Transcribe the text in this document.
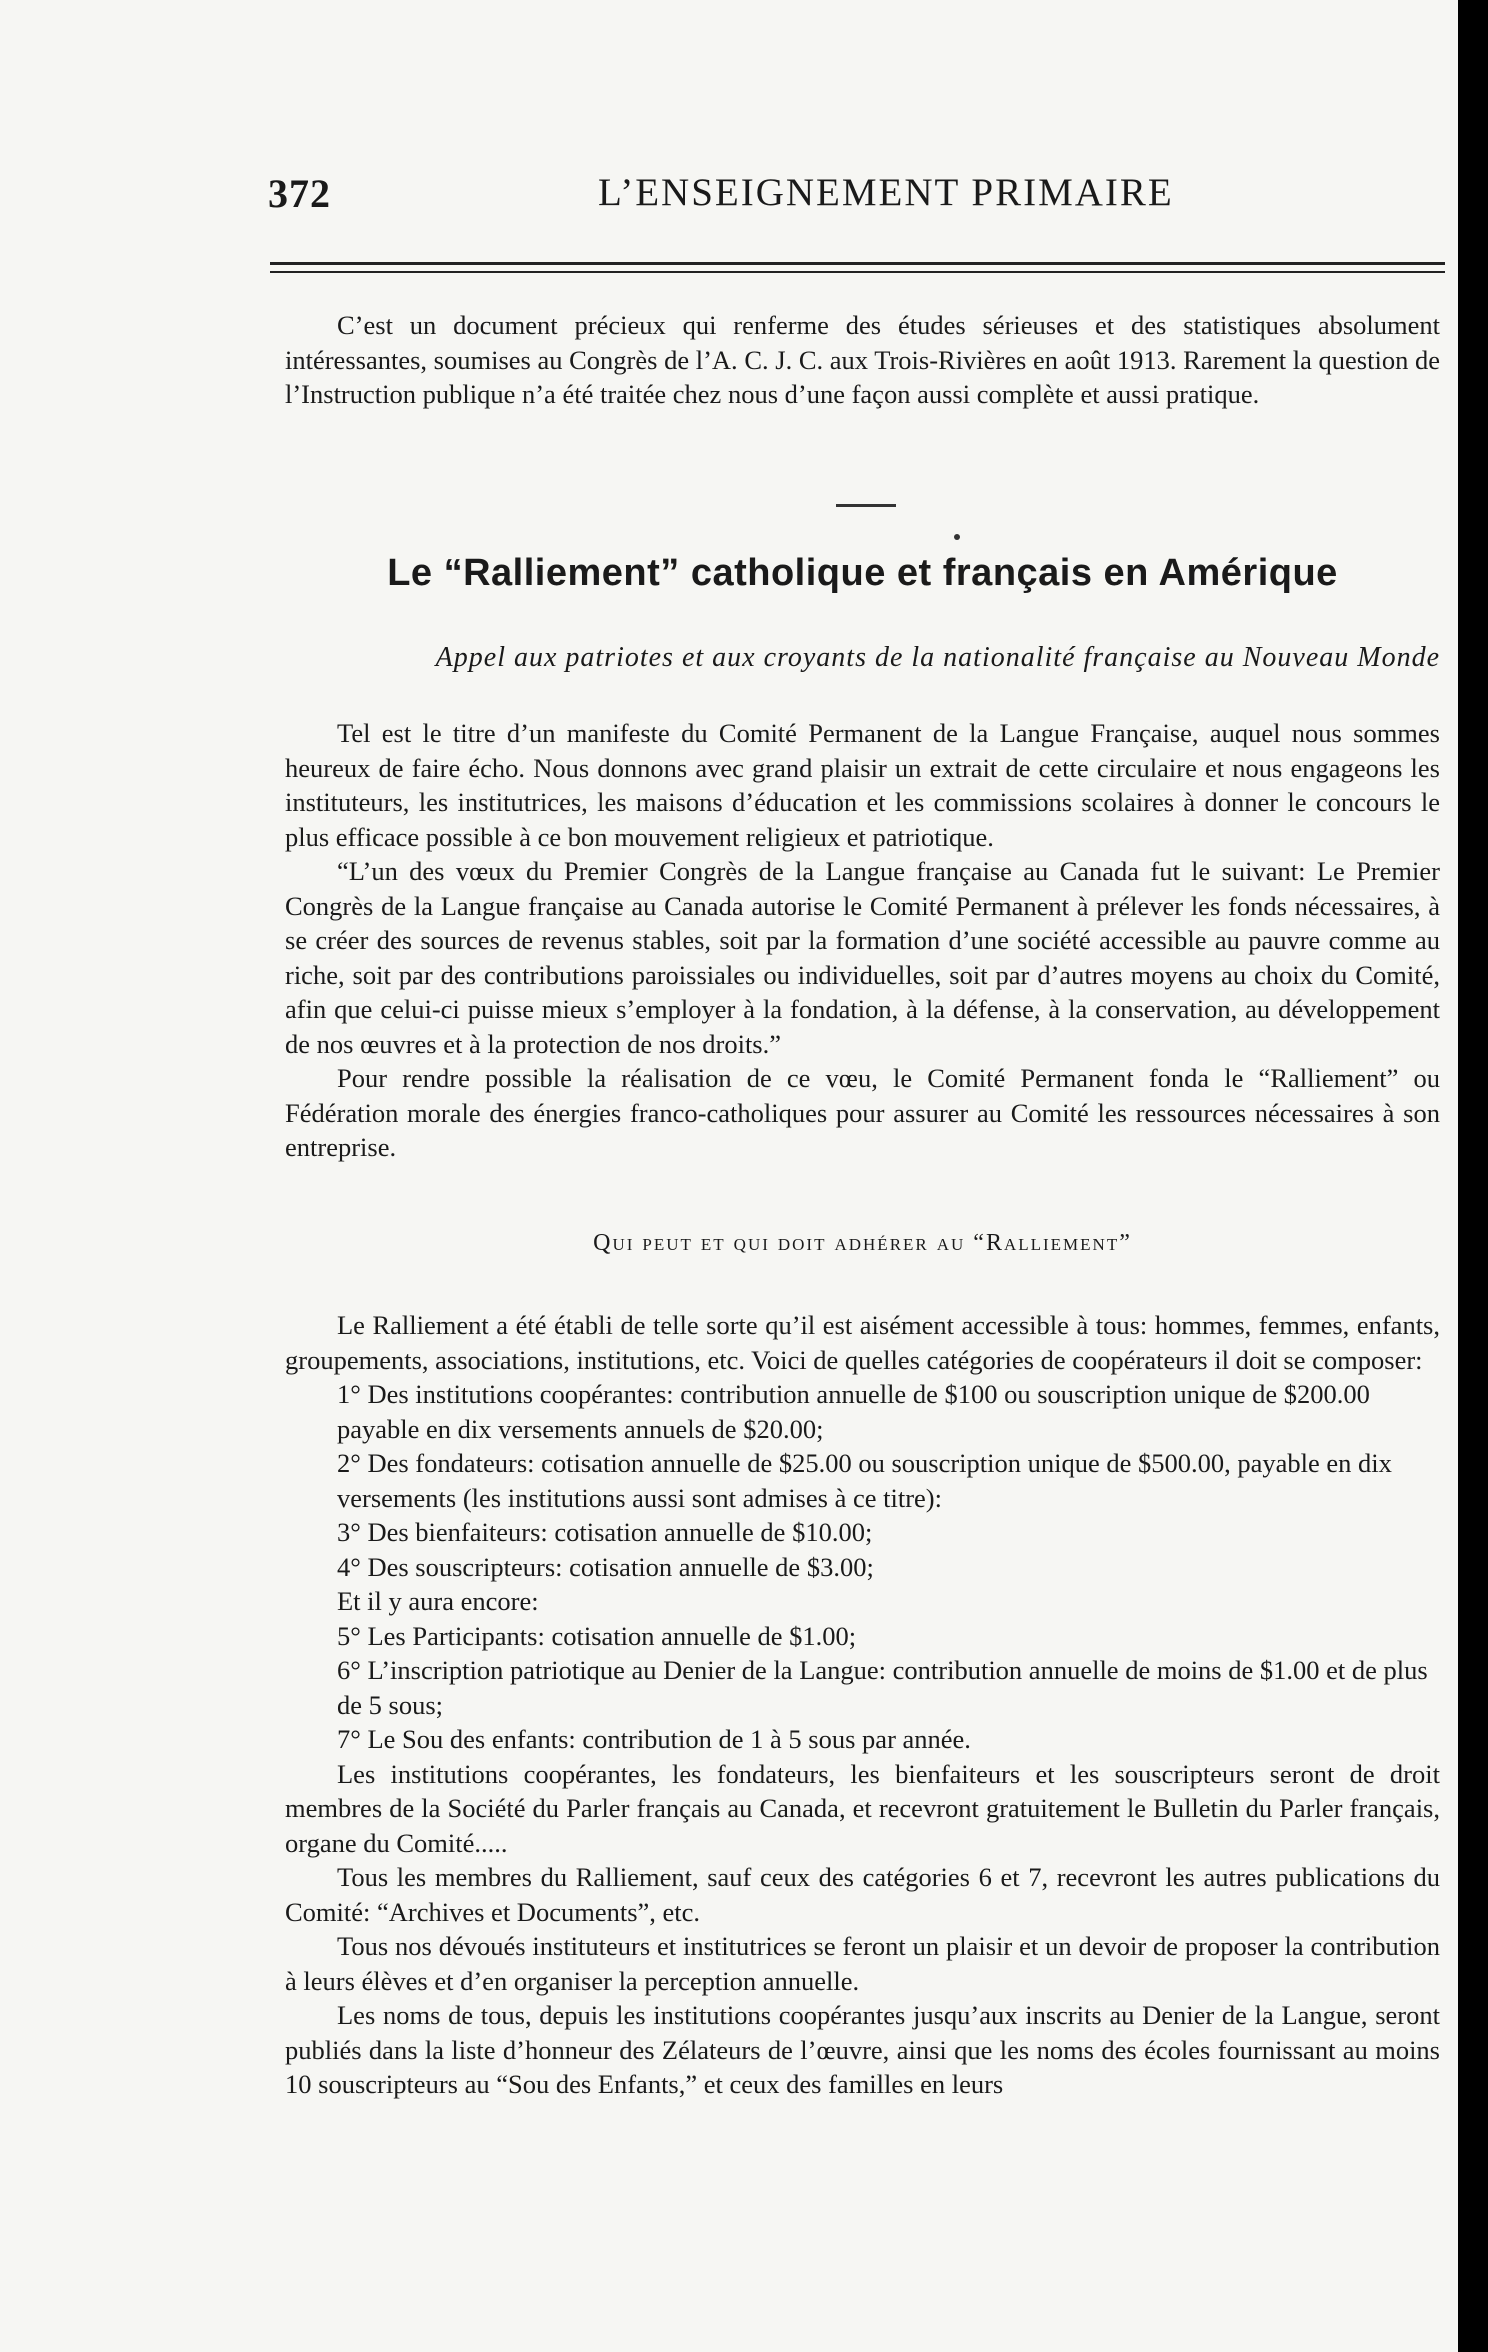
372	L’ENSEIGNEMENT PRIMAIRE

C’est un document précieux qui renferme des études sérieuses et des statistiques absolument intéressantes, soumises au Congrès de l’A. C. J. C. aux Trois-Rivières en août 1913. Rarement la question de l’Instruction publique n’a été traitée chez nous d’une façon aussi complète et aussi pratique.

Le “Ralliement” catholique et français en Amérique
Appel aux patriotes et aux croyants de la nationalité française au Nouveau Monde

Tel est le titre d’un manifeste du Comité Permanent de la Langue Française, auquel nous sommes heureux de faire écho. Nous donnons avec grand plaisir un extrait de cette circulaire et nous engageons les instituteurs, les institutrices, les maisons d’éducation et les commissions scolaires à donner le concours le plus efficace possible à ce bon mouvement religieux et patriotique.

“L’un des vœux du Premier Congrès de la Langue française au Canada fut le suivant: Le Premier Congrès de la Langue française au Canada autorise le Comité Permanent à prélever les fonds nécessaires, à se créer des sources de revenus stables, soit par la formation d’une société accessible au pauvre comme au riche, soit par des contributions paroissiales ou individuelles, soit par d’autres moyens au choix du Comité, afin que celui-ci puisse mieux s’employer à la fondation, à la défense, à la conservation, au développement de nos œuvres et à la protection de nos droits.”

Pour rendre possible la réalisation de ce vœu, le Comité Permanent fonda le “Ralliement” ou Fédération morale des énergies franco-catholiques pour assurer au Comité les ressources nécessaires à son entreprise.

Qui peut et qui doit adhérer au “Ralliement”

Le Ralliement a été établi de telle sorte qu’il est aisément accessible à tous: hommes, femmes, enfants, groupements, associations, institutions, etc. Voici de quelles catégories de coopérateurs il doit se composer:

1° Des institutions coopérantes: contribution annuelle de $100 ou souscription unique de $200.00 payable en dix versements annuels de $20.00;

2° Des fondateurs: cotisation annuelle de $25.00 ou souscription unique de $500.00, payable en dix versements (les institutions aussi sont admises à ce titre):

3° Des bienfaiteurs: cotisation annuelle de $10.00;

4° Des souscripteurs: cotisation annuelle de $3.00;

Et il y aura encore:

5° Les Participants: cotisation annuelle de $1.00;

6° L’inscription patriotique au Denier de la Langue: contribution annuelle de moins de $1.00 et de plus de 5 sous;

7° Le Sou des enfants: contribution de 1 à 5 sous par année.

Les institutions coopérantes, les fondateurs, les bienfaiteurs et les souscripteurs seront de droit membres de la Société du Parler français au Canada, et recevront gratuitement le Bulletin du Parler français, organe du Comité.....

Tous les membres du Ralliement, sauf ceux des catégories 6 et 7, recevront les autres publications du Comité: “Archives et Documents”, etc.

Tous nos dévoués instituteurs et institutrices se feront un plaisir et un devoir de proposer la contribution à leurs élèves et d’en organiser la perception annuelle.

Les noms de tous, depuis les institutions coopérantes jusqu’aux inscrits au Denier de la Langue, seront publiés dans la liste d’honneur des Zélateurs de l’œuvre, ainsi que les noms des écoles fournissant au moins 10 souscripteurs au “Sou des Enfants,” et ceux des familles en leurs
